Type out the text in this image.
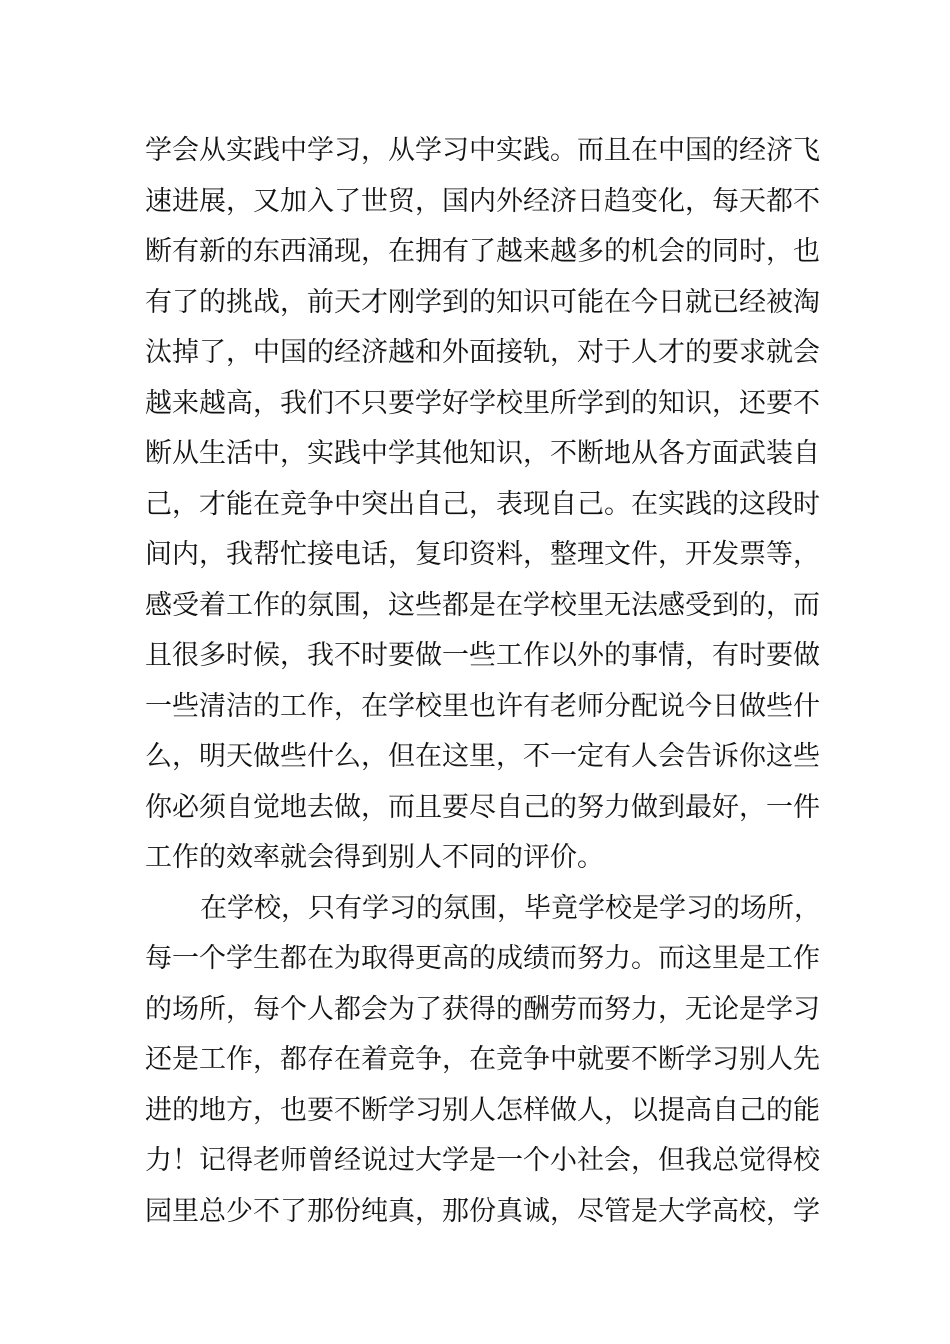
学会从实践中学习，从学习中实践。而且在中国的经济飞
速进展，又加入了世贸，国内外经济日趋变化，每天都不
断有新的东西涌现，在拥有了越来越多的机会的同时，也
有了的挑战，前天才刚学到的知识可能在今日就已经被淘
汰掉了，中国的经济越和外面接轨，对于人才的要求就会
越来越高，我们不只要学好学校里所学到的知识，还要不
断从生活中，实践中学其他知识，不断地从各方面武装自
己，才能在竞争中突出自己，表现自己。在实践的这段时
间内，我帮忙接电话，复印资料，整理文件，开发票等，
感受着工作的氛围，这些都是在学校里无法感受到的，而
且很多时候，我不时要做一些工作以外的事情，有时要做
一些清洁的工作，在学校里也许有老师分配说今日做些什
么，明天做些什么，但在这里，不一定有人会告诉你这些
你必须自觉地去做，而且要尽自己的努力做到最好，一件
工作的效率就会得到别人不同的评价。
在学校，只有学习的氛围，毕竟学校是学习的场所，
每一个学生都在为取得更高的成绩而努力。而这里是工作
的场所，每个人都会为了获得的酬劳而努力，无论是学习
还是工作，都存在着竞争，在竞争中就要不断学习别人先
进的地方，也要不断学习别人怎样做人，以提高自己的能
力！记得老师曾经说过大学是一个小社会，但我总觉得校
园里总少不了那份纯真，那份真诚，尽管是大学高校，学
